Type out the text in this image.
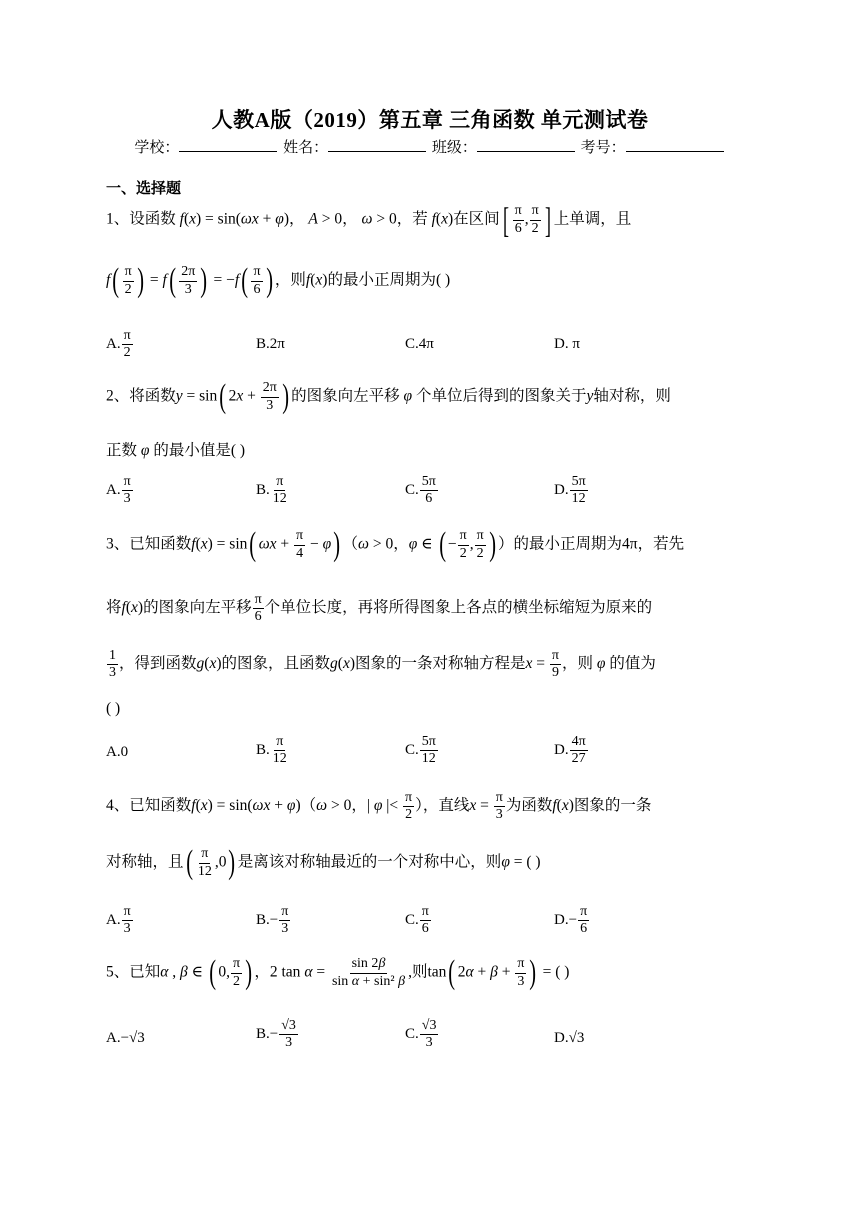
人教A版（2019）第五章 三角函数 单元测试卷
学校：	姓名：	班级：	考号：
一、选择题
1、设函数 f(x) = sin(ωx + φ)， A > 0， ω > 0，若 f(x)在区间[ $\frac{\pi}{6}$ , $\frac{\pi}{2}$ ] 上单调，且
$f( \frac{\pi}{2}$ ) = $f( \frac{2\pi}{3}$ ) = $-f( \frac{\pi}{6}$ ) ，则f(x)的最小正周期为( )
A. $\frac{\pi}{2}$	B.2π	C.4π	D. π
2、将函数y = sin( $2x + \frac{2\pi}{3}$ ) 的图象向左平移 φ 个单位后得到的图象关于y轴对称，则
正数 φ 的最小值是( )
A. $\frac{\pi}{3}$	B. $\frac{\pi}{12}$	C. $\frac{5\pi}{6}$	D. $\frac{5\pi}{12}$
3、已知函数f(x) = sin( $\omega x + \frac{\pi}{4} - \varphi$) （ω > 0，φ ∈ ( − $\frac{\pi}{2}$ , $\frac{\pi}{2}$ ) ）的最小正周期为4π，若先
将f(x)的图象向左平移 $\frac{\pi}{6}$ 个单位长度，再将所得图象上各点的横坐标缩短为原来的
$\frac{1}{3}$ ，得到函数g(x)的图象，且函数g(x)图象的一条对称轴方程是$x = \frac{\pi}{9}$ ，则 φ 的值为
( )
A.0	B. $\frac{\pi}{12}$	C. $\frac{5\pi}{12}$	D. $\frac{4\pi}{27}$
4、已知函数f(x) = sin(ωx + φ)（ω > 0，| φ |< $\frac{\pi}{2}$ ），直线$x = \frac{\pi}{3}$ 为函数f(x)图象的一条
对称轴，且( $\frac{\pi}{12} ,0$) 是离该对称轴最近的一个对称中心，则φ = ( )
A. $\frac{\pi}{3}$	$B.- \frac{\pi}{3}$	C. $\frac{\pi}{6}$	$D.- \frac{\pi}{6}$
5、已知α , β ∈ ( 0, $\frac{\pi}{2}$ ) ，2 $\tan \alpha = \frac{\sin 2\beta}{\text{sin α + sin² β}}$ ,则tan( $2\alpha + \beta + \frac{\pi}{3}$ ) = ( )
A.−√3	$B.- \frac{√3}{3}$	C. $\frac{√3}{3}$	D.√3
